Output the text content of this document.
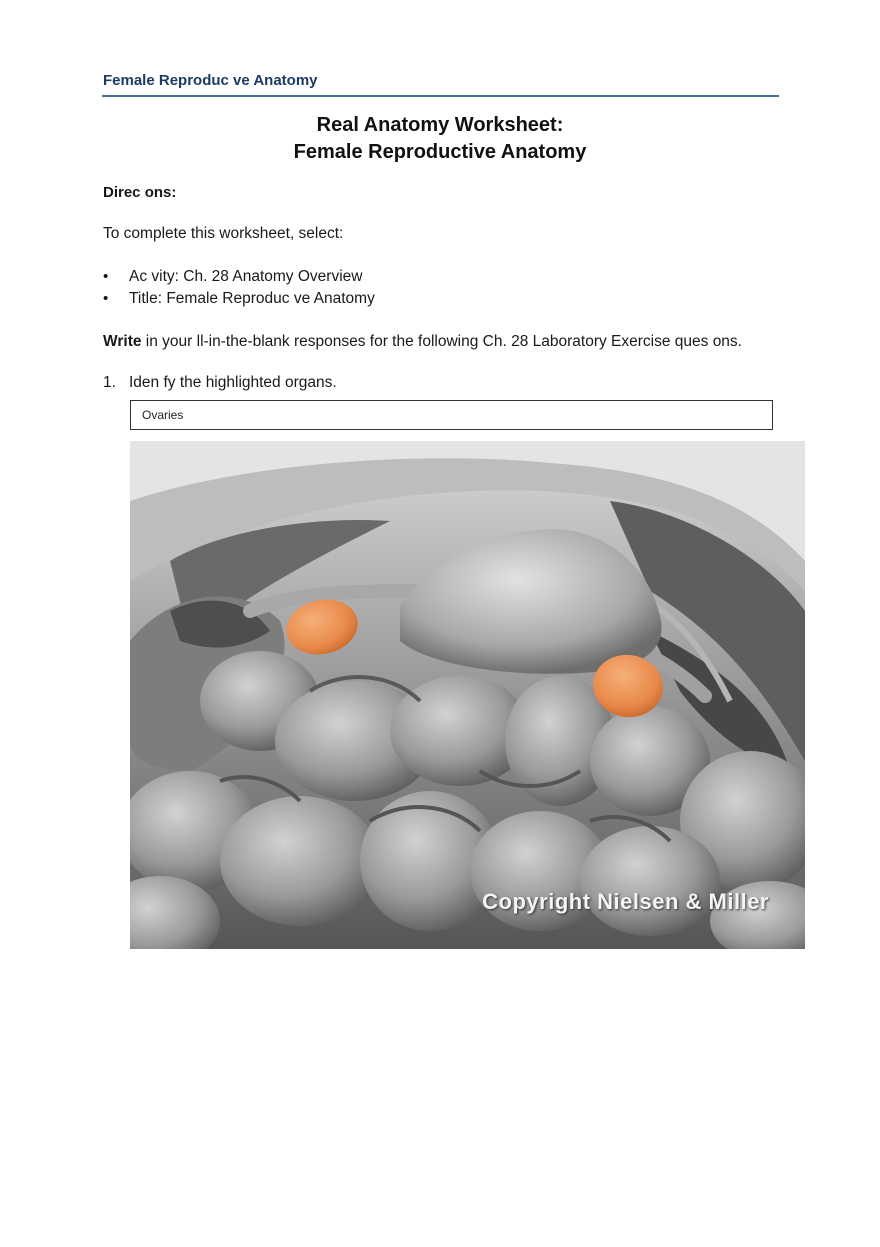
Female Reproduc ve Anatomy
Real Anatomy Worksheet:
Female Reproductive Anatomy
Direc ons:
To complete this worksheet, select:
• Ac vity: Ch. 28 Anatomy Overview
• Title: Female Reproduc ve Anatomy
Write in your ll-in-the-blank responses for the following Ch. 28 Laboratory Exercise ques ons.
1. Iden fy the highlighted organs.
Ovaries
Copyright Nielsen & Miller
